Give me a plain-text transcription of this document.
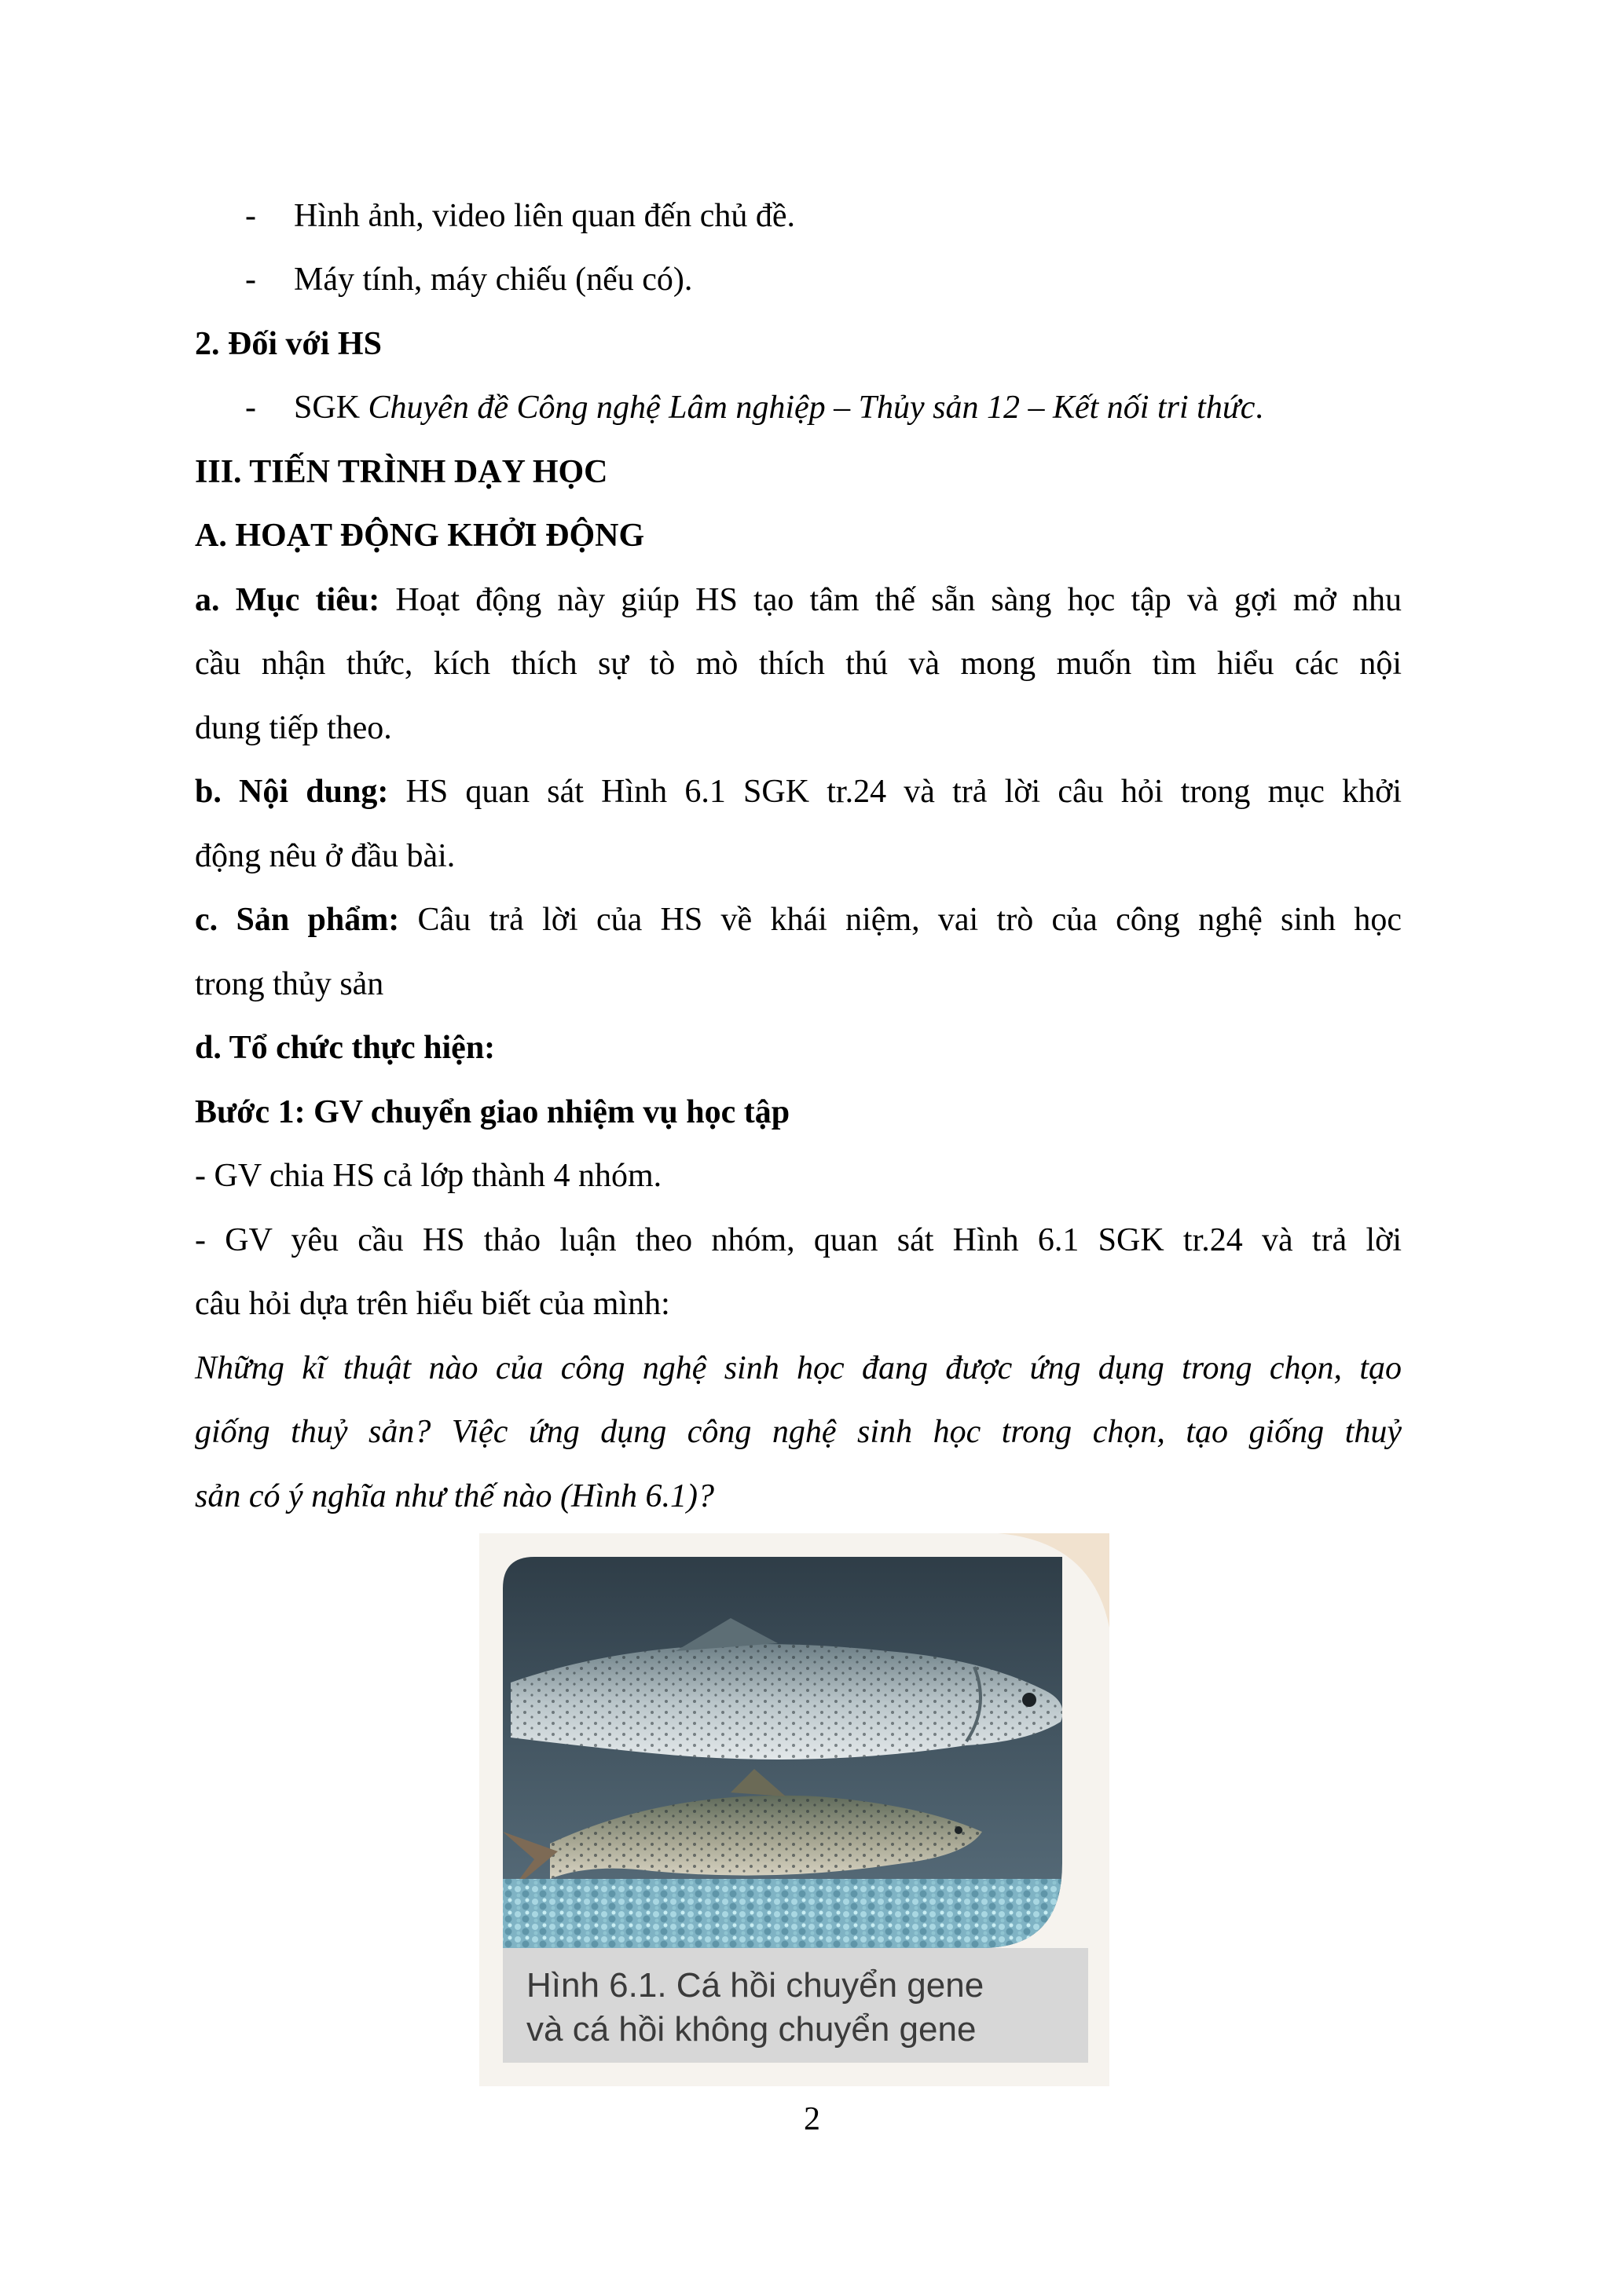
- Hình ảnh, video liên quan đến chủ đề.
- Máy tính, máy chiếu (nếu có).
2. Đối với HS
- SGK Chuyên đề Công nghệ Lâm nghiệp – Thủy sản 12 – Kết nối tri thức.
III. TIẾN TRÌNH DẠY HỌC
A. HOẠT ĐỘNG KHỞI ĐỘNG
a. Mục tiêu: Hoạt động này giúp HS tạo tâm thế sẵn sàng học tập và gợi mở nhu
cầu nhận thức, kích thích sự tò mò thích thú và mong muốn tìm hiểu các nội
dung tiếp theo.
b. Nội dung: HS quan sát Hình 6.1 SGK tr.24 và trả lời câu hỏi trong mục khởi
động nêu ở đầu bài.
c. Sản phẩm: Câu trả lời của HS về khái niệm, vai trò của công nghệ sinh học
trong thủy sản
d. Tổ chức thực hiện:
Bước 1: GV chuyển giao nhiệm vụ học tập
- GV chia HS cả lớp thành 4 nhóm.
- GV yêu cầu HS thảo luận theo nhóm, quan sát Hình 6.1 SGK tr.24 và trả lời
câu hỏi dựa trên hiểu biết của mình:
Những kĩ thuật nào của công nghệ sinh học đang được ứng dụng trong chọn, tạo
giống thuỷ sản? Việc ứng dụng công nghệ sinh học trong chọn, tạo giống thuỷ
sản có ý nghĩa như thế nào (Hình 6.1)?
Hình 6.1. Cá hồi chuyển gene
và cá hồi không chuyển gene
2
